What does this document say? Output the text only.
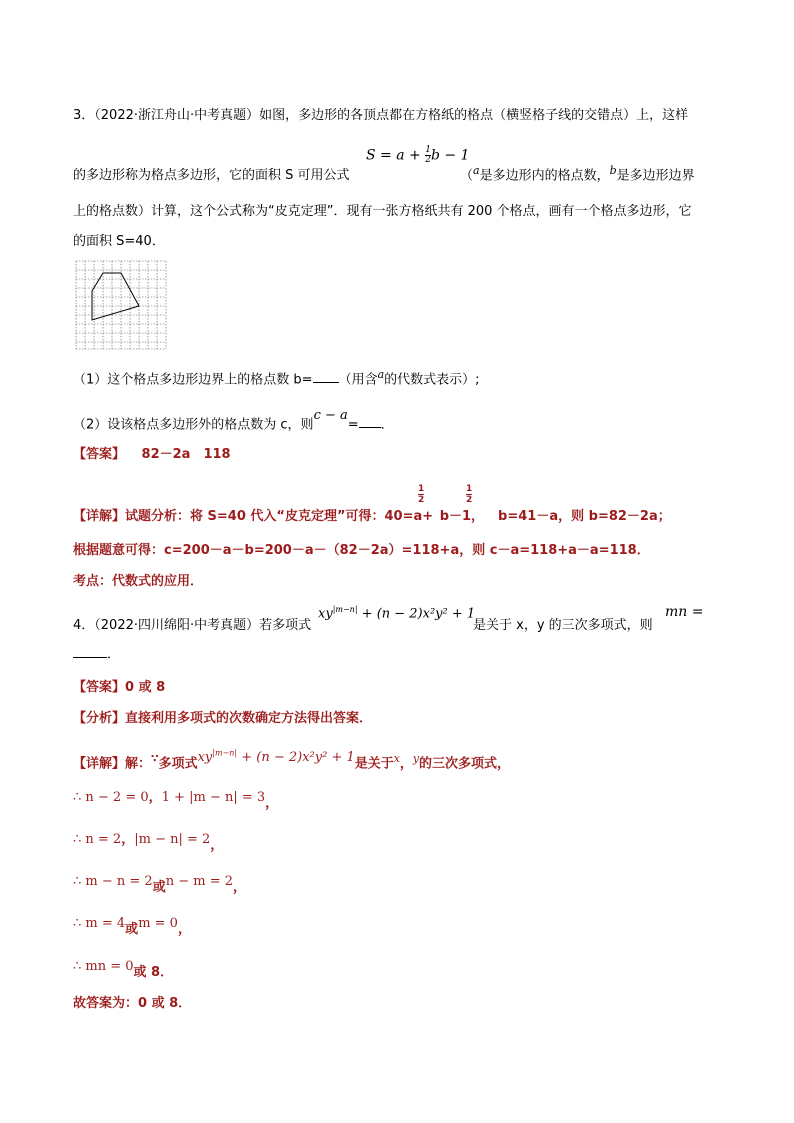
3．（2022·浙江舟山·中考真题）如图，多边形的各顶点都在方格纸的格点（横竖格子线的交错点）上，这样
$S = a + \frac{1}{2}$ b − 1
的多边形称为格点多边形，它的面积 S 可用公式	（$^a$是多边形内的格点数，$^b$是多边形边界
上的格点数）计算，这个公式称为“皮克定理”．现有一张方格纸共有 200 个格点，画有一个格点多边形，它
的面积 S=40．
（1）这个格点多边形边界上的格点数 b= （用含$^a$的代数式表示）;
（2）设该格点多边形外的格点数为 c，则$^{c - a}$= ．
【答案】 82－2a　118
$\frac{1}{2}$	$\frac{1}{2}$
【详解】试题分析：将 S=40 代入“皮克定理”可得：40=a+ b－1， b=41－a，则 b=82－2a；
根据题意可得：c=200－a－b=200－a－（82－2a）=118+a，则 c－a=118+a－a=118．
考点：代数式的应用．
4．（2022·四川绵阳·中考真题）若多项式
$xy^{|m-n|} + (n - 2)x^2y^2 + 1$
是关于 x，y 的三次多项式，则
mn =
．
【答案】0 或 8
【分析】直接利用多项式的次数确定方法得出答案．
【详解】解：∵多项式$xy^{|m-n|} + (n - 2)x^2y^2 + 1$是关于$^x$，$^y$的三次多项式，
∴ n − 2 = 0，1 + |m − n| = 3，
∴ n = 2，|m − n| = 2，
∴ m − n = 2或n − m = 2，
∴ m = 4或m = 0，
∴ mn = 0或 8．
故答案为：0 或 8．
